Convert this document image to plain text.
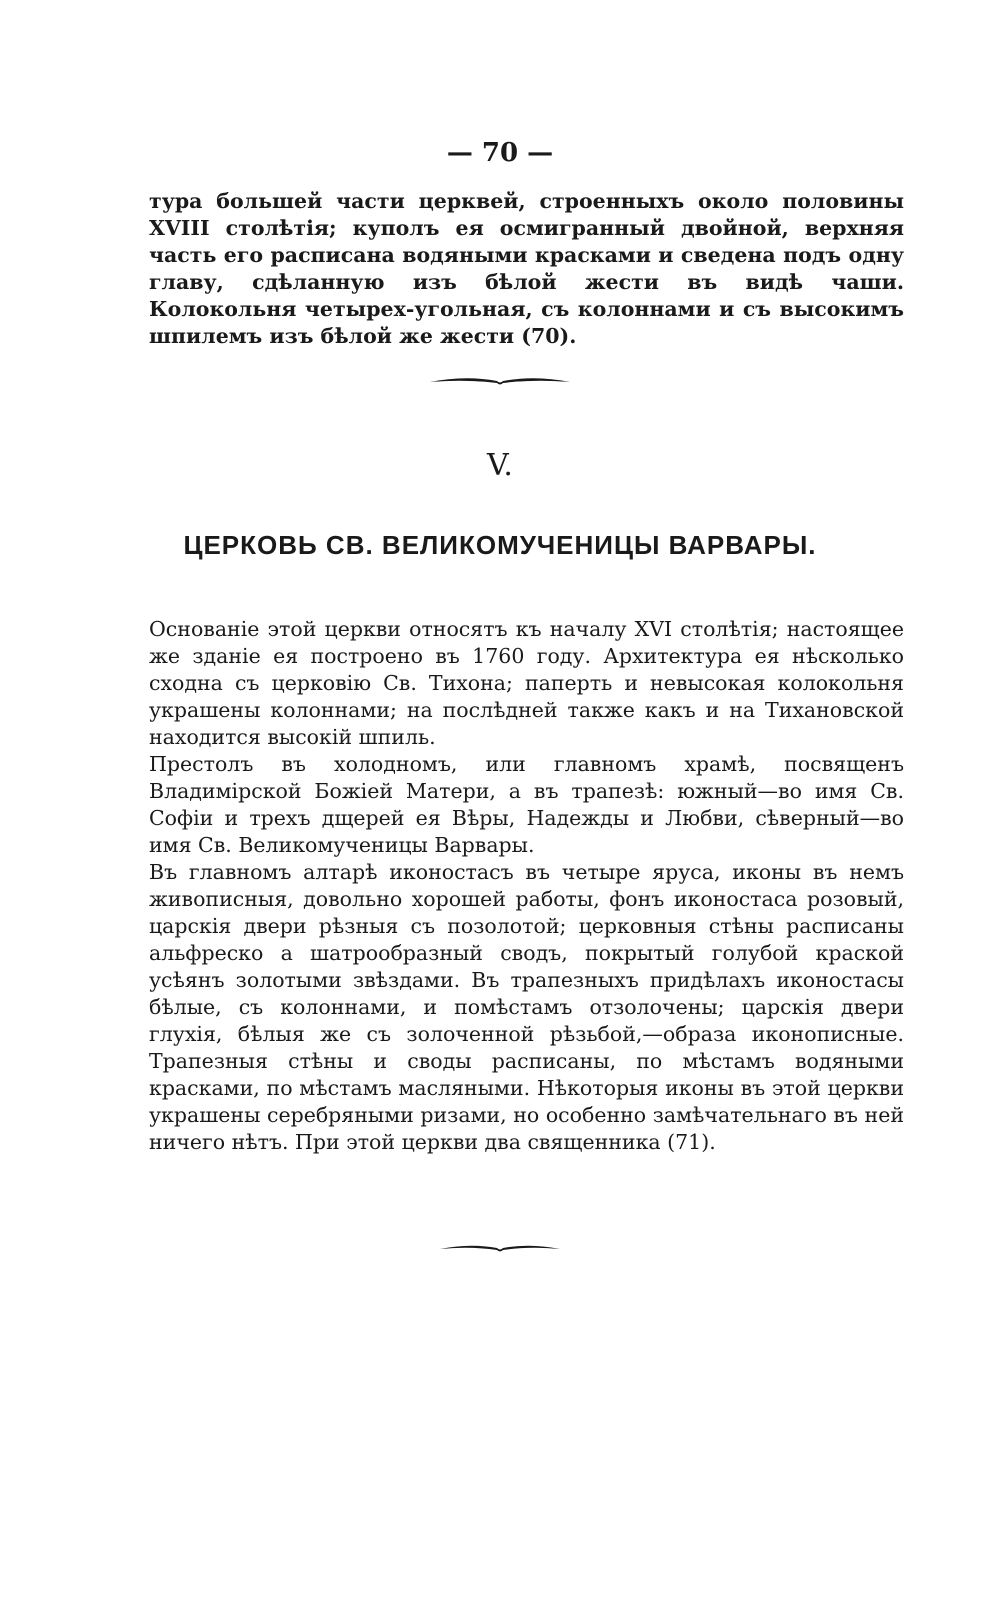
— 70 —
тура большей части церквей, строенныхъ около половины XVIII столѣтія; куполъ ея осмигранный двойной, верхняя часть его расписана водяными красками и сведена подъ одну главу, сдѣланную изъ бѣлой жести въ видѣ чаши. Колокольня четырех-угольная, съ колоннами и съ высокимъ шпилемъ изъ бѣлой же жести (70).
V.
ЦЕРКОВЬ СВ. ВЕЛИКОМУЧЕНИЦЫ ВАРВАРЫ.

Основаніе этой церкви относятъ къ началу XVI столѣтія; настоящее же зданіе ея построено въ 1760 году. Архитектура ея нѣсколько сходна съ церковію Св. Тихона; паперть и невысокая колокольня украшены колоннами; на послѣдней также какъ и на Тихановской находится высокій шпиль.

Престолъ въ холодномъ, или главномъ храмѣ, посвященъ Владимірской Божіей Матери, а въ трапезѣ: южный—во имя Св. Софіи и трехъ дщерей ея Вѣры, Надежды и Любви, сѣверный—во имя Св. Великомученицы Варвары.

Въ главномъ алтарѣ иконостасъ въ четыре яруса, иконы въ немъ живописныя, довольно хорошей работы, фонъ иконостаса розовый, царскія двери рѣзныя съ позолотой; церковныя стѣны расписаны альфреско а шатрообразный сводъ, покрытый голубой краской усѣянъ золотыми звѣздами. Въ трапезныхъ придѣлахъ иконостасы бѣлые, съ колоннами, и помѣстамъ отзолочены; царскія двери глухія, бѣлыя же съ золоченной рѣзьбой,—образа иконописные. Трапезныя стѣны и своды расписаны, по мѣстамъ водяными красками, по мѣстамъ масляными. Нѣкоторыя иконы въ этой церкви украшены серебряными ризами, но особенно замѣчательнаго въ ней ничего нѣтъ. При этой церкви два священника (71).
